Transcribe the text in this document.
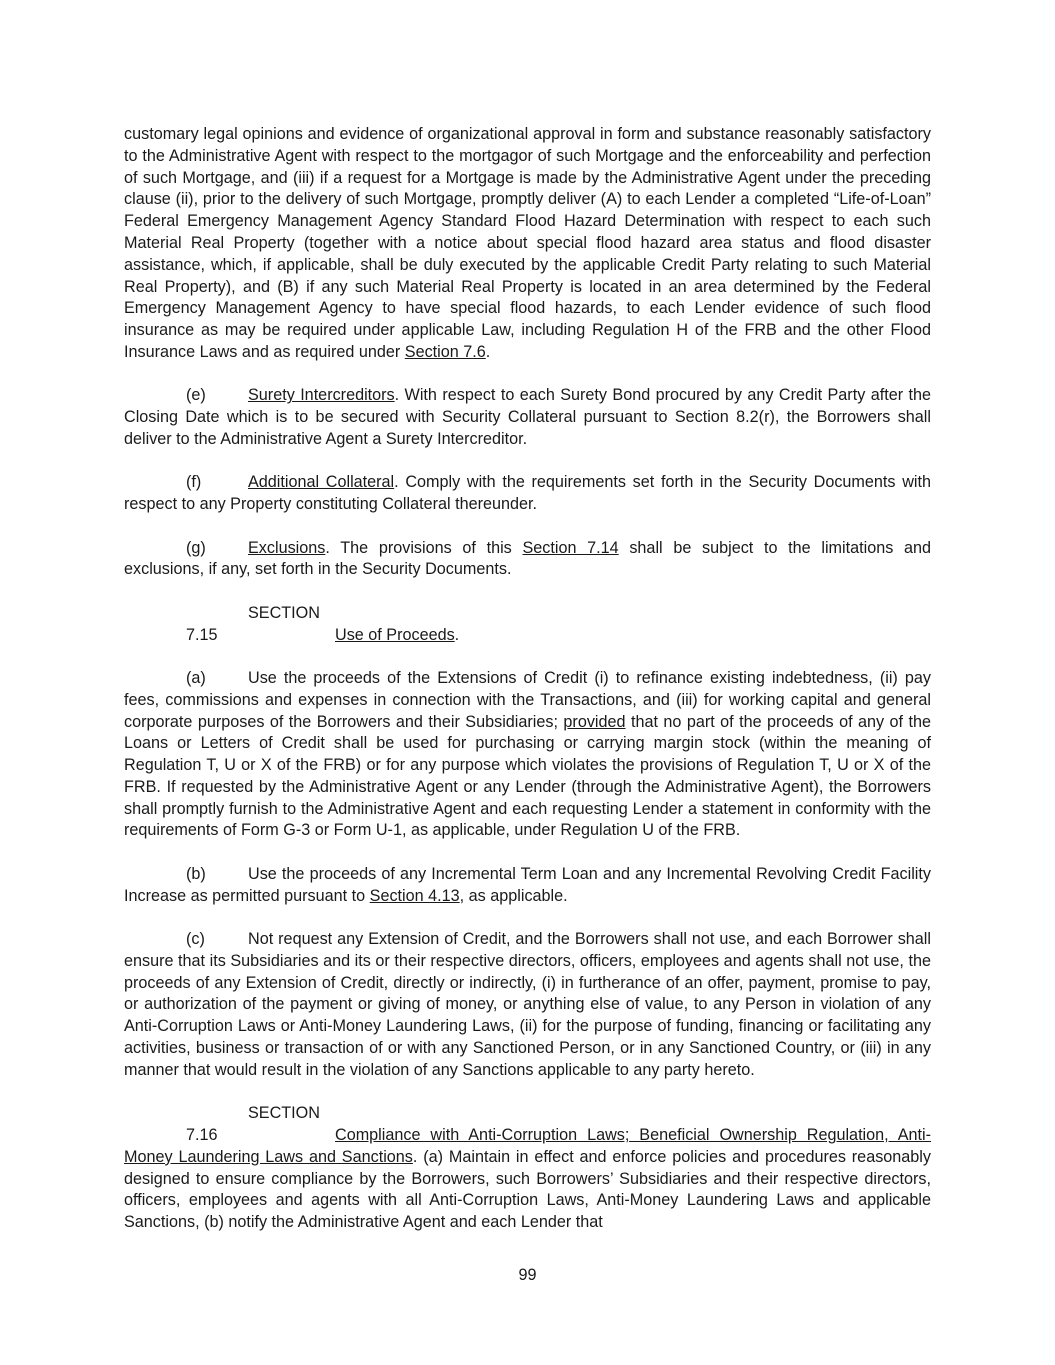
customary legal opinions and evidence of organizational approval in form and substance reasonably satisfactory to the Administrative Agent with respect to the mortgagor of such Mortgage and the enforceability and perfection of such Mortgage, and (iii) if a request for a Mortgage is made by the Administrative Agent under the preceding clause (ii), prior to the delivery of such Mortgage, promptly deliver (A) to each Lender a completed “Life-of-Loan” Federal Emergency Management Agency Standard Flood Hazard Determination with respect to each such Material Real Property (together with a notice about special flood hazard area status and flood disaster assistance, which, if applicable, shall be duly executed by the applicable Credit Party relating to such Material Real Property), and (B) if any such Material Real Property is located in an area determined by the Federal Emergency Management Agency to have special flood hazards, to each Lender evidence of such flood insurance as may be required under applicable Law, including Regulation H of the FRB and the other Flood Insurance Laws and as required under Section 7.6.

(e)	Surety Intercreditors. With respect to each Surety Bond procured by any Credit Party after the Closing Date which is to be secured with Security Collateral pursuant to Section 8.2(r), the Borrowers shall deliver to the Administrative Agent a Surety Intercreditor.

(f)	Additional Collateral. Comply with the requirements set forth in the Security Documents with respect to any Property constituting Collateral thereunder.

(g)	Exclusions. The provisions of this Section 7.14 shall be subject to the limitations and exclusions, if any, set forth in the Security Documents.

SECTION 7.15	Use of Proceeds.

(a)	Use the proceeds of the Extensions of Credit (i) to refinance existing indebtedness, (ii) pay fees, commissions and expenses in connection with the Transactions, and (iii) for working capital and general corporate purposes of the Borrowers and their Subsidiaries; provided that no part of the proceeds of any of the Loans or Letters of Credit shall be used for purchasing or carrying margin stock (within the meaning of Regulation T, U or X of the FRB) or for any purpose which violates the provisions of Regulation T, U or X of the FRB. If requested by the Administrative Agent or any Lender (through the Administrative Agent), the Borrowers shall promptly furnish to the Administrative Agent and each requesting Lender a statement in conformity with the requirements of Form G-3 or Form U-1, as applicable, under Regulation U of the FRB.

(b)	Use the proceeds of any Incremental Term Loan and any Incremental Revolving Credit Facility Increase as permitted pursuant to Section 4.13, as applicable.

(c)	Not request any Extension of Credit, and the Borrowers shall not use, and each Borrower shall ensure that its Subsidiaries and its or their respective directors, officers, employees and agents shall not use, the proceeds of any Extension of Credit, directly or indirectly, (i) in furtherance of an offer, payment, promise to pay, or authorization of the payment or giving of money, or anything else of value, to any Person in violation of any Anti-Corruption Laws or Anti-Money Laundering Laws, (ii) for the purpose of funding, financing or facilitating any activities, business or transaction of or with any Sanctioned Person, or in any Sanctioned Country, or (iii) in any manner that would result in the violation of any Sanctions applicable to any party hereto.

SECTION 7.16	Compliance with Anti-Corruption Laws; Beneficial Ownership Regulation, Anti-Money Laundering Laws and Sanctions. (a) Maintain in effect and enforce policies and procedures reasonably designed to ensure compliance by the Borrowers, such Borrowers’ Subsidiaries and their respective directors, officers, employees and agents with all Anti-Corruption Laws, Anti-Money Laundering Laws and applicable Sanctions, (b) notify the Administrative Agent and each Lender that

99
